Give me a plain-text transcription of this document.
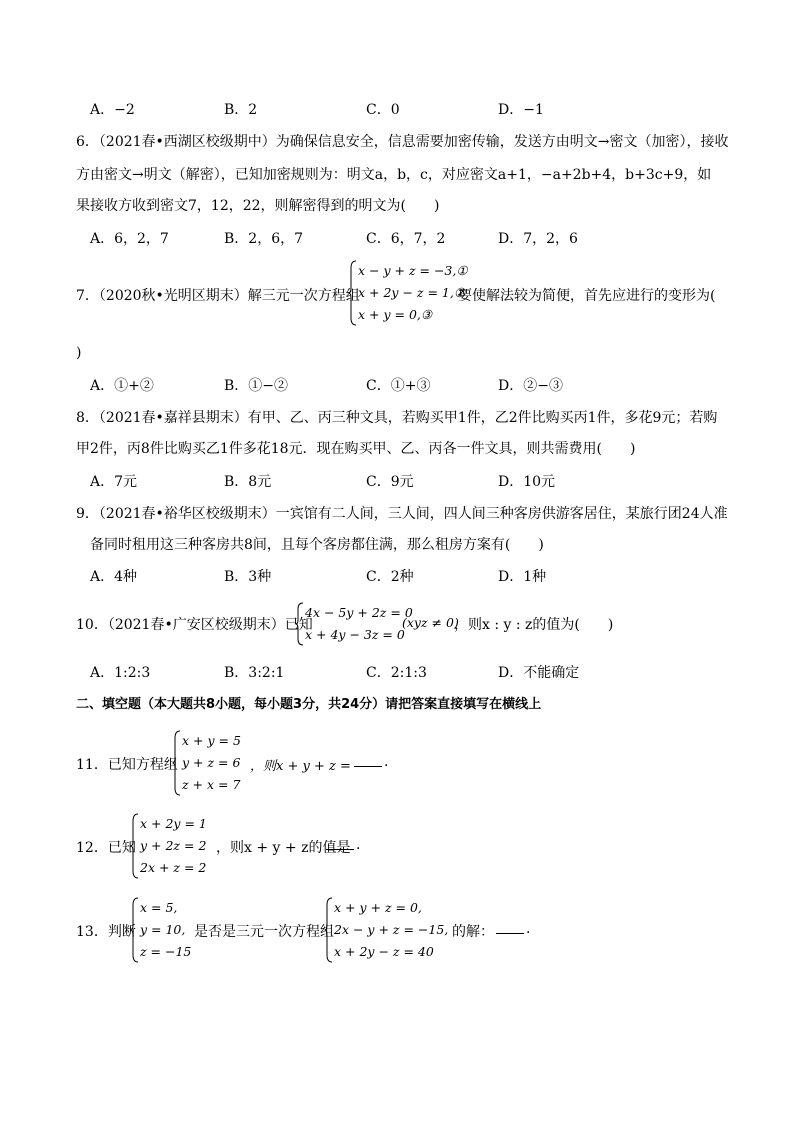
A．−2	B．2	C．0	D．−1
6．（2021春•西湖区校级期中）为确保信息安全，信息需要加密传输，发送方由明文→密文（加密），接收
方由密文→明文（解密），已知加密规则为：明文a，b，c，对应密文a+1，−a+2b+4，b+3c+9，如
果接收方收到密文7，12，22，则解密得到的明文为(　　)
A．6，2，7	B．2，6，7	C．6，7，2	D．7，2，6
7．（2020秋•光明区期末）解三元一次方程组
x − y + z = −3,①
x + 2y − z = 1,②
x + y = 0,③
要使解法较为简便，首先应进行的变形为(
)
A．①+②	B．①−②	C．①+③	D．②−③
8．（2021春•嘉祥县期末）有甲、乙、丙三种文具，若购买甲1件，乙2件比购买丙1件，多花9元；若购
甲2件，丙8件比购买乙1件多花18元．现在购买甲、乙、丙各一件文具，则共需费用(　　)
A．7元	B．8元	C．9元	D．10元
9．（2021春•裕华区校级期末）一宾馆有二人间，三人间，四人间三种客房供游客居住，某旅行团24人准
备同时租用这三种客房共8间，且每个客房都住满，那么租房方案有(　　)
A．4种	B．3种	C．2种	D．1种
10．（2021春•广安区校级期末）已知
4x − 5y + 2z = 0
x + 4y − 3z = 0
(xyz ≠ 0)
，则x : y : z的值为(　　)
A．1:2:3	B．3:2:1	C．2:1:3	D．不能确定
二、填空题（本大题共8小题，每小题3分，共24分）请把答案直接填写在横线上
11．已知方程组
x + y = 5
y + z = 6
z + x = 7
，则x + y + z = .
12．已知
x + 2y = 1
y + 2z = 2
2x + z = 2
，则x + y + z的值是 .
13．判断
x = 5,
y = 10,
z = −15
是否是三元一次方程组
x + y + z = 0,
2x − y + z = −15,
x + 2y − z = 40
的解： .
